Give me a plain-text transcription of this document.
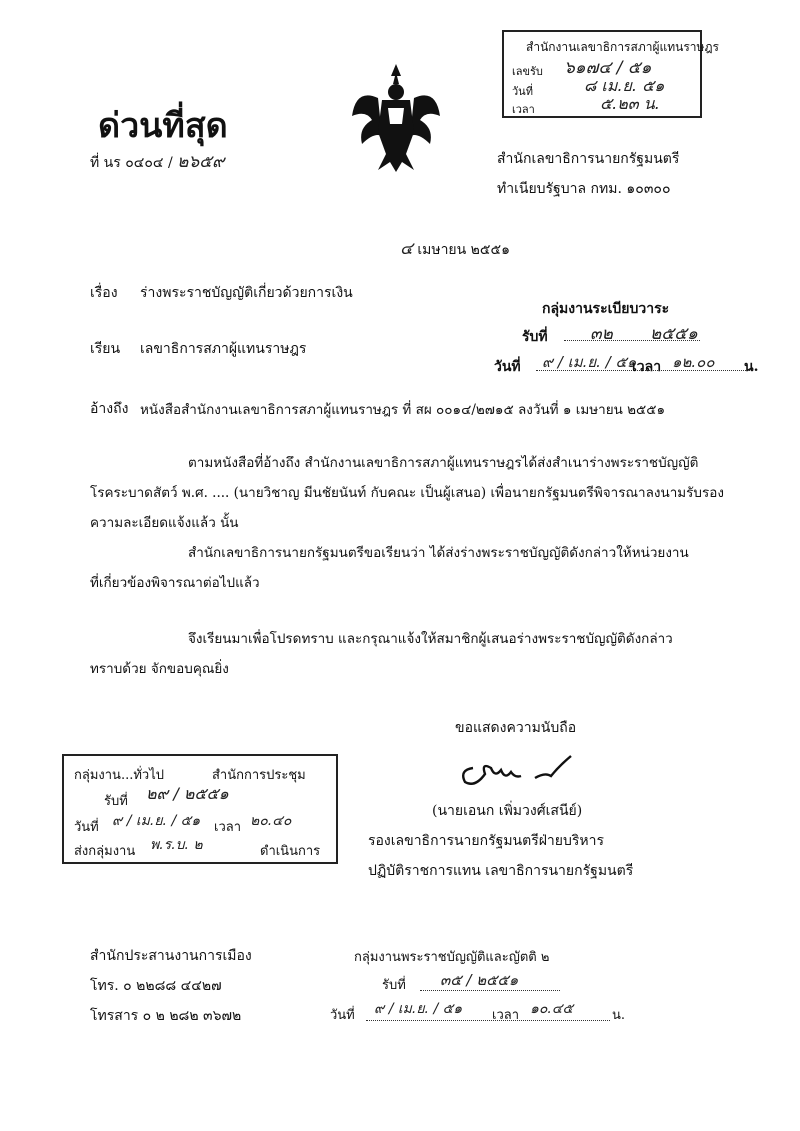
สำนักงานเลขาธิการสภาผู้แทนราษฎร
เลขรับ ๖๑๗๔ / ๕๑
วันที่	๘ เม.ย. ๕๑
เวลา	๕.๒๓ น.
ด่วนที่สุด
ที่ นร ๐๔๐๔ / ๒๖๕๙	สำนักเลขาธิการนายกรัฐมนตรี
ทำเนียบรัฐบาล กทม. ๑๐๓๐๐
๔ เมษายน ๒๕๕๑
เรื่อง ร่างพระราชบัญญัติเกี่ยวด้วยการเงิน
กลุ่มงานระเบียบวาระ
รับที่ ๓๒ ๒๕๕๑
วันที่ ๙ / เม.ย. / ๕๑
เวลา ๑๒.๐๐ น.
เรียน เลขาธิการสภาผู้แทนราษฎร
อ้างถึง หนังสือสำนักงานเลขาธิการสภาผู้แทนราษฎร ที่ สผ ๐๐๑๔/๒๗๑๕ ลงวันที่ ๑ เมษายน ๒๕๕๑
ตามหนังสือที่อ้างถึง สำนักงานเลขาธิการสภาผู้แทนราษฎรได้ส่งสำเนาร่างพระราชบัญญัติ
โรคระบาดสัตว์ พ.ศ. .... (นายวิชาญ มีนชัยนันท์ กับคณะ เป็นผู้เสนอ) เพื่อนายกรัฐมนตรีพิจารณาลงนามรับรอง
ความละเอียดแจ้งแล้ว นั้น
สำนักเลขาธิการนายกรัฐมนตรีขอเรียนว่า ได้ส่งร่างพระราชบัญญัติดังกล่าวให้หน่วยงาน
ที่เกี่ยวข้องพิจารณาต่อไปแล้ว
จึงเรียนมาเพื่อโปรดทราบ และกรุณาแจ้งให้สมาชิกผู้เสนอร่างพระราชบัญญัติดังกล่าว
ทราบด้วย จักขอบคุณยิ่ง
ขอแสดงความนับถือ
(นายเอนก เพิ่มวงศ์เสนีย์)
รองเลขาธิการนายกรัฐมนตรีฝ่ายบริหาร
ปฏิบัติราชการแทน เลขาธิการนายกรัฐมนตรี
กลุ่มงาน...ทั่วไป	สำนักการประชุม
รับที่ ๒๙ / ๒๕๕๑
วันที่ ๙ / เม.ย. / ๕๑ เวลา ๒๐.๔๐
ส่งกลุ่มงาน พ.ร.บ. ๒	ดำเนินการ
สำนักประสานงานการเมือง
โทร. ๐ ๒๒๘๘ ๔๔๒๗
โทรสาร ๐ ๒ ๒๘๒ ๓๖๗๒
กลุ่มงานพระราชบัญญัติและญัตติ ๒
รับที่ ๓๕ / ๒๕๕๑
วันที่ ๙ / เม.ย. / ๕๑ เวลา ๑๐.๔๕	น.
